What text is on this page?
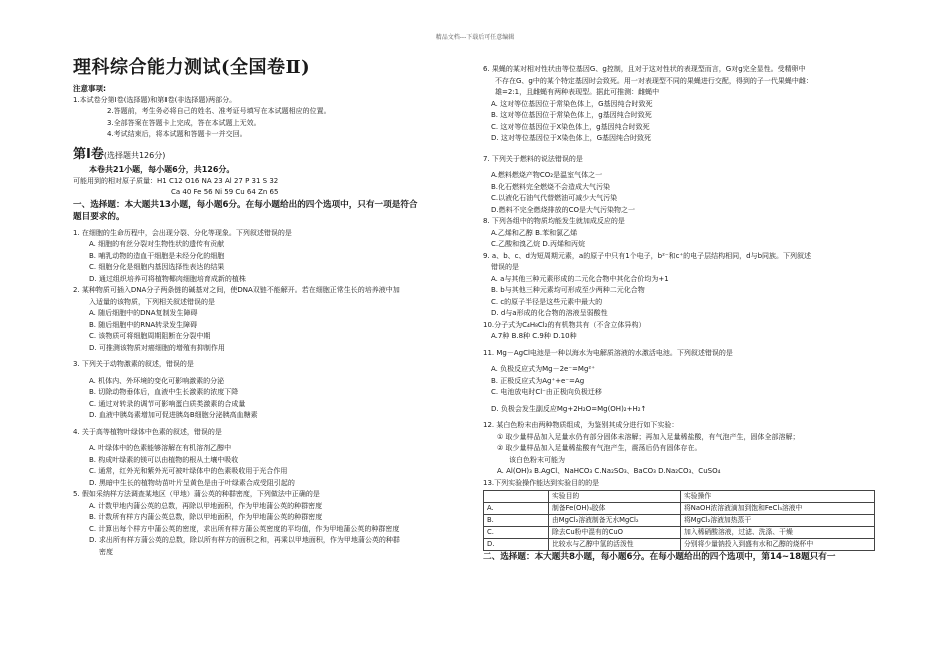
精品文档---下载后可任意编辑
理科综合能力测试(全国卷Ⅱ)
注意事项:
1.本试卷分第Ⅰ卷(选择题)和第Ⅱ卷(非选择题)两部分。
2.答题前，考生务必将自己的姓名、准考证号填写在本试题相应的位置。
3.全部答案在答题卡上完成，答在本试题上无效。
4.考试结束后，将本试题和答题卡一并交回。
第Ⅰ卷(选择题共126分)
本卷共21小题，每小题6分，共126分。
可能用到的相对原子质量：H1 C12 O16 NA 23 Al 27 P 31 S 32
Ca 40 Fe 56 Ni 59 Cu 64 Zn 65
一、选择题：本大题共13小题，每小题6分。在每小题给出的四个选项中，只有一项是符合
题目要求的。
1. 在细胞的生命历程中，会出现分裂、分化等现象。下列叙述错误的是
A. 细胞的有丝分裂对生物性状的遗传有贡献
B. 哺乳动物的造血干细胞是未经分化的细胞
C. 细胞分化是细胞内基因选择性表达的结果
D. 通过组织培养可将植物椰肉细胞培育成新的植株
2. 某种物质可插入DNA分子两条链的碱基对之间，使DNA双链不能解开。若在细胞正常生长的培养液中加
入适量的该物质，下列相关叙述错误的是
A. 随后细胞中的DNA复制发生障碍
B. 随后细胞中的RNA转录发生障碍
C. 该物质可将细胞周期阻断在分裂中期
D. 可推测该物质对癌细胞的增殖有抑制作用
3. 下列关于动物激素的叙述，错误的是
A. 机体内、外环境的变化可影响激素的分泌
B. 切除动物垂体后，血液中生长激素的浓度下降
C. 通过对转录的调节可影响蛋白质类激素的合成量
D. 血液中胰岛素增加可促进胰岛B细胞分泌胰高血糖素
4. 关于高等植物叶绿体中色素的叙述，错误的是
A. 叶绿体中的色素能够溶解在有机溶剂乙醇中
B. 构成叶绿素的镁可以由植物的根从土壤中吸收
C. 通常，红外光和紫外光可被叶绿体中的色素吸收用于光合作用
D. 黑暗中生长的植物幼苗叶片呈黄色是由于叶绿素合成受阻引起的
5. 假如采纳样方法调查某地区（甲地）蒲公英的种群密度，下列做法中正确的是
A. 计数甲地内蒲公英的总数，再除以甲地面积，作为甲地蒲公英的种群密度
B. 计数所有样方内蒲公英总数，除以甲地面积，作为甲地蒲公英的种群密度
C. 计算出每个样方中蒲公英的密度，求出所有样方蒲公英密度的平均值，作为甲地蒲公英的种群密度
D. 求出所有样方蒲公英的总数，除以所有样方的面积之和，再乘以甲地面积，作为甲地蒲公英的种群
密度
6. 果蝇的某对相对性状由等位基因G、g控制，且对于这对性状的表现型而言，G对g完全显性。受精卵中
不存在G、g中的某个特定基因时会致死。用一对表现型不同的果蝇进行交配，得到的子一代果蝇中雌：
雄=2:1，且雌蝇有两种表现型。据此可推测：雌蝇中
A. 这对等位基因位于常染色体上，G基因纯合时致死
B. 这对等位基因位于常染色体上，g基因纯合时致死
C. 这对等位基因位于X染色体上，g基因纯合时致死
D. 这对等位基因位于X染色体上，G基因纯合时致死
7. 下列关于燃料的说法错误的是
A.燃料燃烧产物CO₂是温室气体之一
B.化石燃料完全燃烧不会造成大气污染
C.以液化石油气代替燃油可减少大气污染
D.燃料不完全燃烧排放的CO是大气污染物之一
8. 下列各组中的物质均能发生就加成反应的是
A.乙烯和乙醇 B.苯和氯乙烯
C.乙酸和溴乙烷 D.丙烯和丙烷
9. a、b、c、d为短周期元素，a的原子中只有1个电子，b²⁻和c⁺的电子层结构相同，d与b同族。下列叙述
错误的是
A. a与其他三种元素形成的二元化合物中其化合价均为+1
B. b与其他三种元素均可形成至少两种二元化合物
C. c的原子半径是这些元素中最大的
D. d与a形成的化合物的溶液呈弱酸性
10.分子式为C₄H₈Cl₂的有机物共有（不含立体异构）
A.7种 B.8种 C.9种 D.10种
11. Mg－AgCl电池是一种以海水为电解质溶液的水激活电池。下列叙述错误的是
A. 负极反应式为Mg－2e⁻=Mg²⁺
B. 正极反应式为Ag⁺+e⁻=Ag
C. 电池放电时Cl⁻由正极向负极迁移
D. 负极会发生副反应Mg+2H₂O=Mg(OH)₂+H₂↑
12. 某白色粉末由两种物质组成，为鉴别其成分进行如下实验：
① 取少量样品加入足量水仍有部分固体未溶解；再加入足量稀盐酸，有气泡产生，固体全部溶解；
② 取少量样品加入足量稀盐酸有气泡产生，震荡后仍有固体存在。
该白色粉末可能为
A. Al(OH)₃ B.AgCl、NaHCO₃ C.Na₂SO₃、BaCO₃ D.Na₂CO₃、CuSO₄
13.下列实验操作能达到实验目的的是
	实验目的	实验操作
A.	制备Fe(OH)₃胶体	将NaOH浓溶液滴加到饱和FeCl₃溶液中
B.	由MgCl₂溶液制备无水MgCl₂	将MgCl₂溶液加热蒸干
C.	除去Cu粉中混有的CuO	加入稀硝酸溶液，过滤、洗涤、干燥
D.	比较水与乙醇中氢的活泼性	分别将少量钠投入到盛有水和乙醇的烧杯中
二、选择题：本大题共8小题，每小题6分。在每小题给出的四个选项中，第14~18题只有一
